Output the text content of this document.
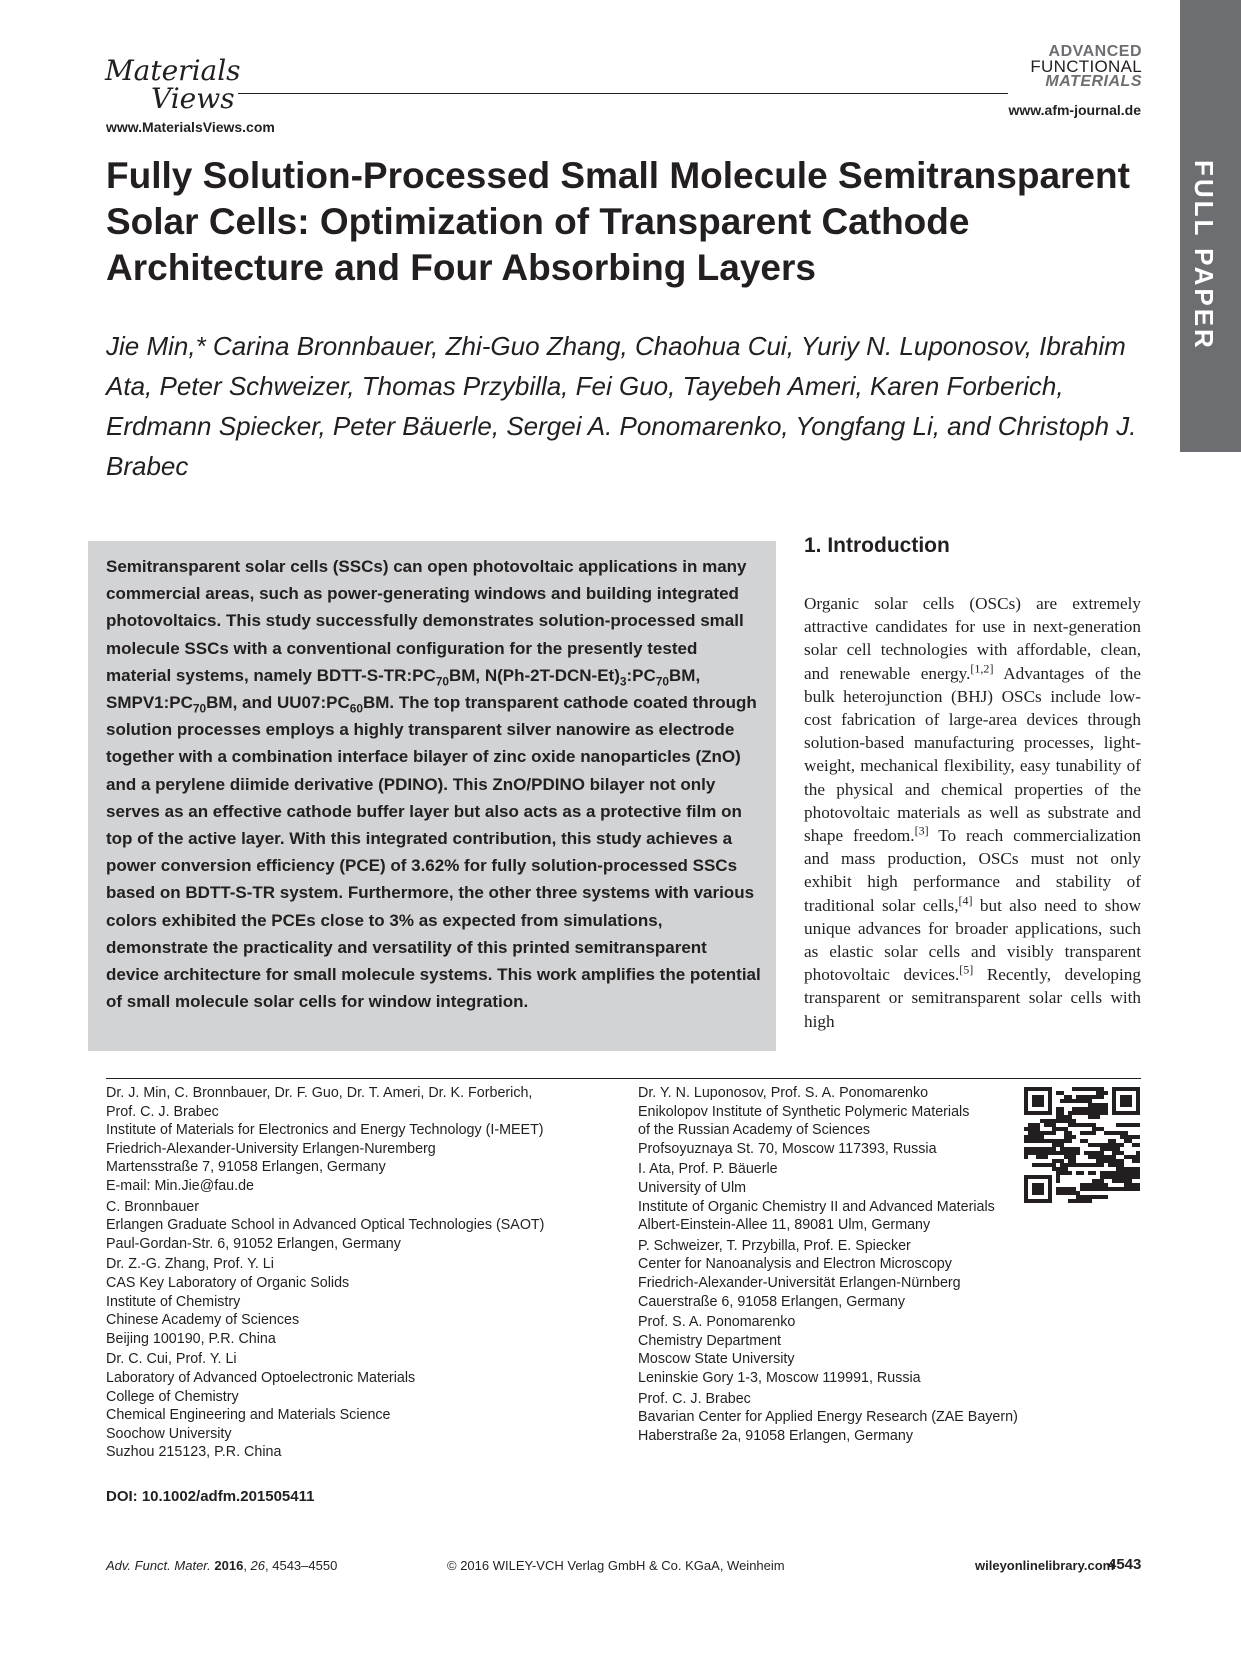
Materials
Views
www.MaterialsViews.com
ADVANCED
FUNCTIONAL
MATERIALS
www.afm-journal.de
FULL PAPER
Fully Solution-Processed Small Molecule Semitransparent Solar Cells: Optimization of Transparent Cathode Architecture and Four Absorbing Layers
Jie Min,* Carina Bronnbauer, Zhi-Guo Zhang, Chaohua Cui, Yuriy N. Luponosov, Ibrahim Ata, Peter Schweizer, Thomas Przybilla, Fei Guo, Tayebeh Ameri, Karen Forberich, Erdmann Spiecker, Peter Bäuerle, Sergei A. Ponomarenko, Yongfang Li, and Christoph J. Brabec
Semitransparent solar cells (SSCs) can open photovoltaic applications in many commercial areas, such as power-generating windows and building integrated photovoltaics. This study successfully demonstrates solution-processed small molecule SSCs with a conventional configuration for the presently tested material systems, namely BDTT-$S-TR:PC_{70}BM$, $N(Ph-2T-DCN-Et)_3:PC_{70}BM$, $SMPV1:PC_{70}BM$, and $UU07:PC_{60}BM$. The top transparent cathode coated through solution processes employs a highly transparent silver nanowire as electrode together with a combination interface bilayer of zinc oxide nanoparticles (ZnO) and a perylene diimide derivative (PDINO). This ZnO/PDINO bilayer not only serves as an effective cathode buffer layer but also acts as a protective film on top of the active layer. With this integrated contribution, this study achieves a power conversion efficiency (PCE) of 3.62% for fully solution-processed SSCs based on BDTT-S-TR system. Furthermore, the other three systems with various colors exhibited the PCEs close to 3% as expected from simulations, demonstrate the practicality and versatility of this printed semitransparent device architecture for small molecule systems. This work amplifies the potential of small molecule solar cells for window integration.
1. Introduction
Organic solar cells (OSCs) are extremely attractive candidates for use in next-generation solar cell technologies with affordable, clean, and renewable energy.[1,2] Advantages of the bulk heterojunction (BHJ) OSCs include low-cost fabrication of large-area devices through solution-based manufacturing processes, light-weight, mechanical flexibility, easy tunability of the physical and chemical properties of the photovoltaic materials as well as substrate and shape freedom.[3] To reach commercialization and mass production, OSCs must not only exhibit high performance and stability of traditional solar cells,[4] but also need to show unique advances for broader applications, such as elastic solar cells and visibly transparent photovoltaic devices.[5] Recently, developing transparent or semitransparent solar cells with high
Dr. J. Min, C. Bronnbauer, Dr. F. Guo, Dr. T. Ameri, Dr. K. Forberich,
Prof. C. J. Brabec
Institute of Materials for Electronics and Energy Technology (I-MEET)
Friedrich-Alexander-University Erlangen-Nuremberg
Martensstraße 7, 91058 Erlangen, Germany
E-mail: Min.Jie@fau.de
C. Bronnbauer
Erlangen Graduate School in Advanced Optical Technologies (SAOT)
Paul-Gordan-Str. 6, 91052 Erlangen, Germany
Dr. Z.-G. Zhang, Prof. Y. Li
CAS Key Laboratory of Organic Solids
Institute of Chemistry
Chinese Academy of Sciences
Beijing 100190, P.R. China
Dr. C. Cui, Prof. Y. Li
Laboratory of Advanced Optoelectronic Materials
College of Chemistry
Chemical Engineering and Materials Science
Soochow University
Suzhou 215123, P.R. China
Dr. Y. N. Luponosov, Prof. S. A. Ponomarenko
Enikolopov Institute of Synthetic Polymeric Materials
of the Russian Academy of Sciences
Profsoyuznaya St. 70, Moscow 117393, Russia
I. Ata, Prof. P. Bäuerle
University of Ulm
Institute of Organic Chemistry II and Advanced Materials
Albert-Einstein-Allee 11, 89081 Ulm, Germany
P. Schweizer, T. Przybilla, Prof. E. Spiecker
Center for Nanoanalysis and Electron Microscopy
Friedrich-Alexander-Universität Erlangen-Nürnberg
Cauerstraße 6, 91058 Erlangen, Germany
Prof. S. A. Ponomarenko
Chemistry Department
Moscow State University
Leninskie Gory 1-3, Moscow 119991, Russia
Prof. C. J. Brabec
Bavarian Center for Applied Energy Research (ZAE Bayern)
Haberstraße 2a, 91058 Erlangen, Germany
DOI: 10.1002/adfm.201505411
Adv. Funct. Mater. 2016, 26, 4543–4550	© 2016 WILEY-VCH Verlag GmbH & Co. KGaA, Weinheim	wileyonlinelibrary.com
4543
